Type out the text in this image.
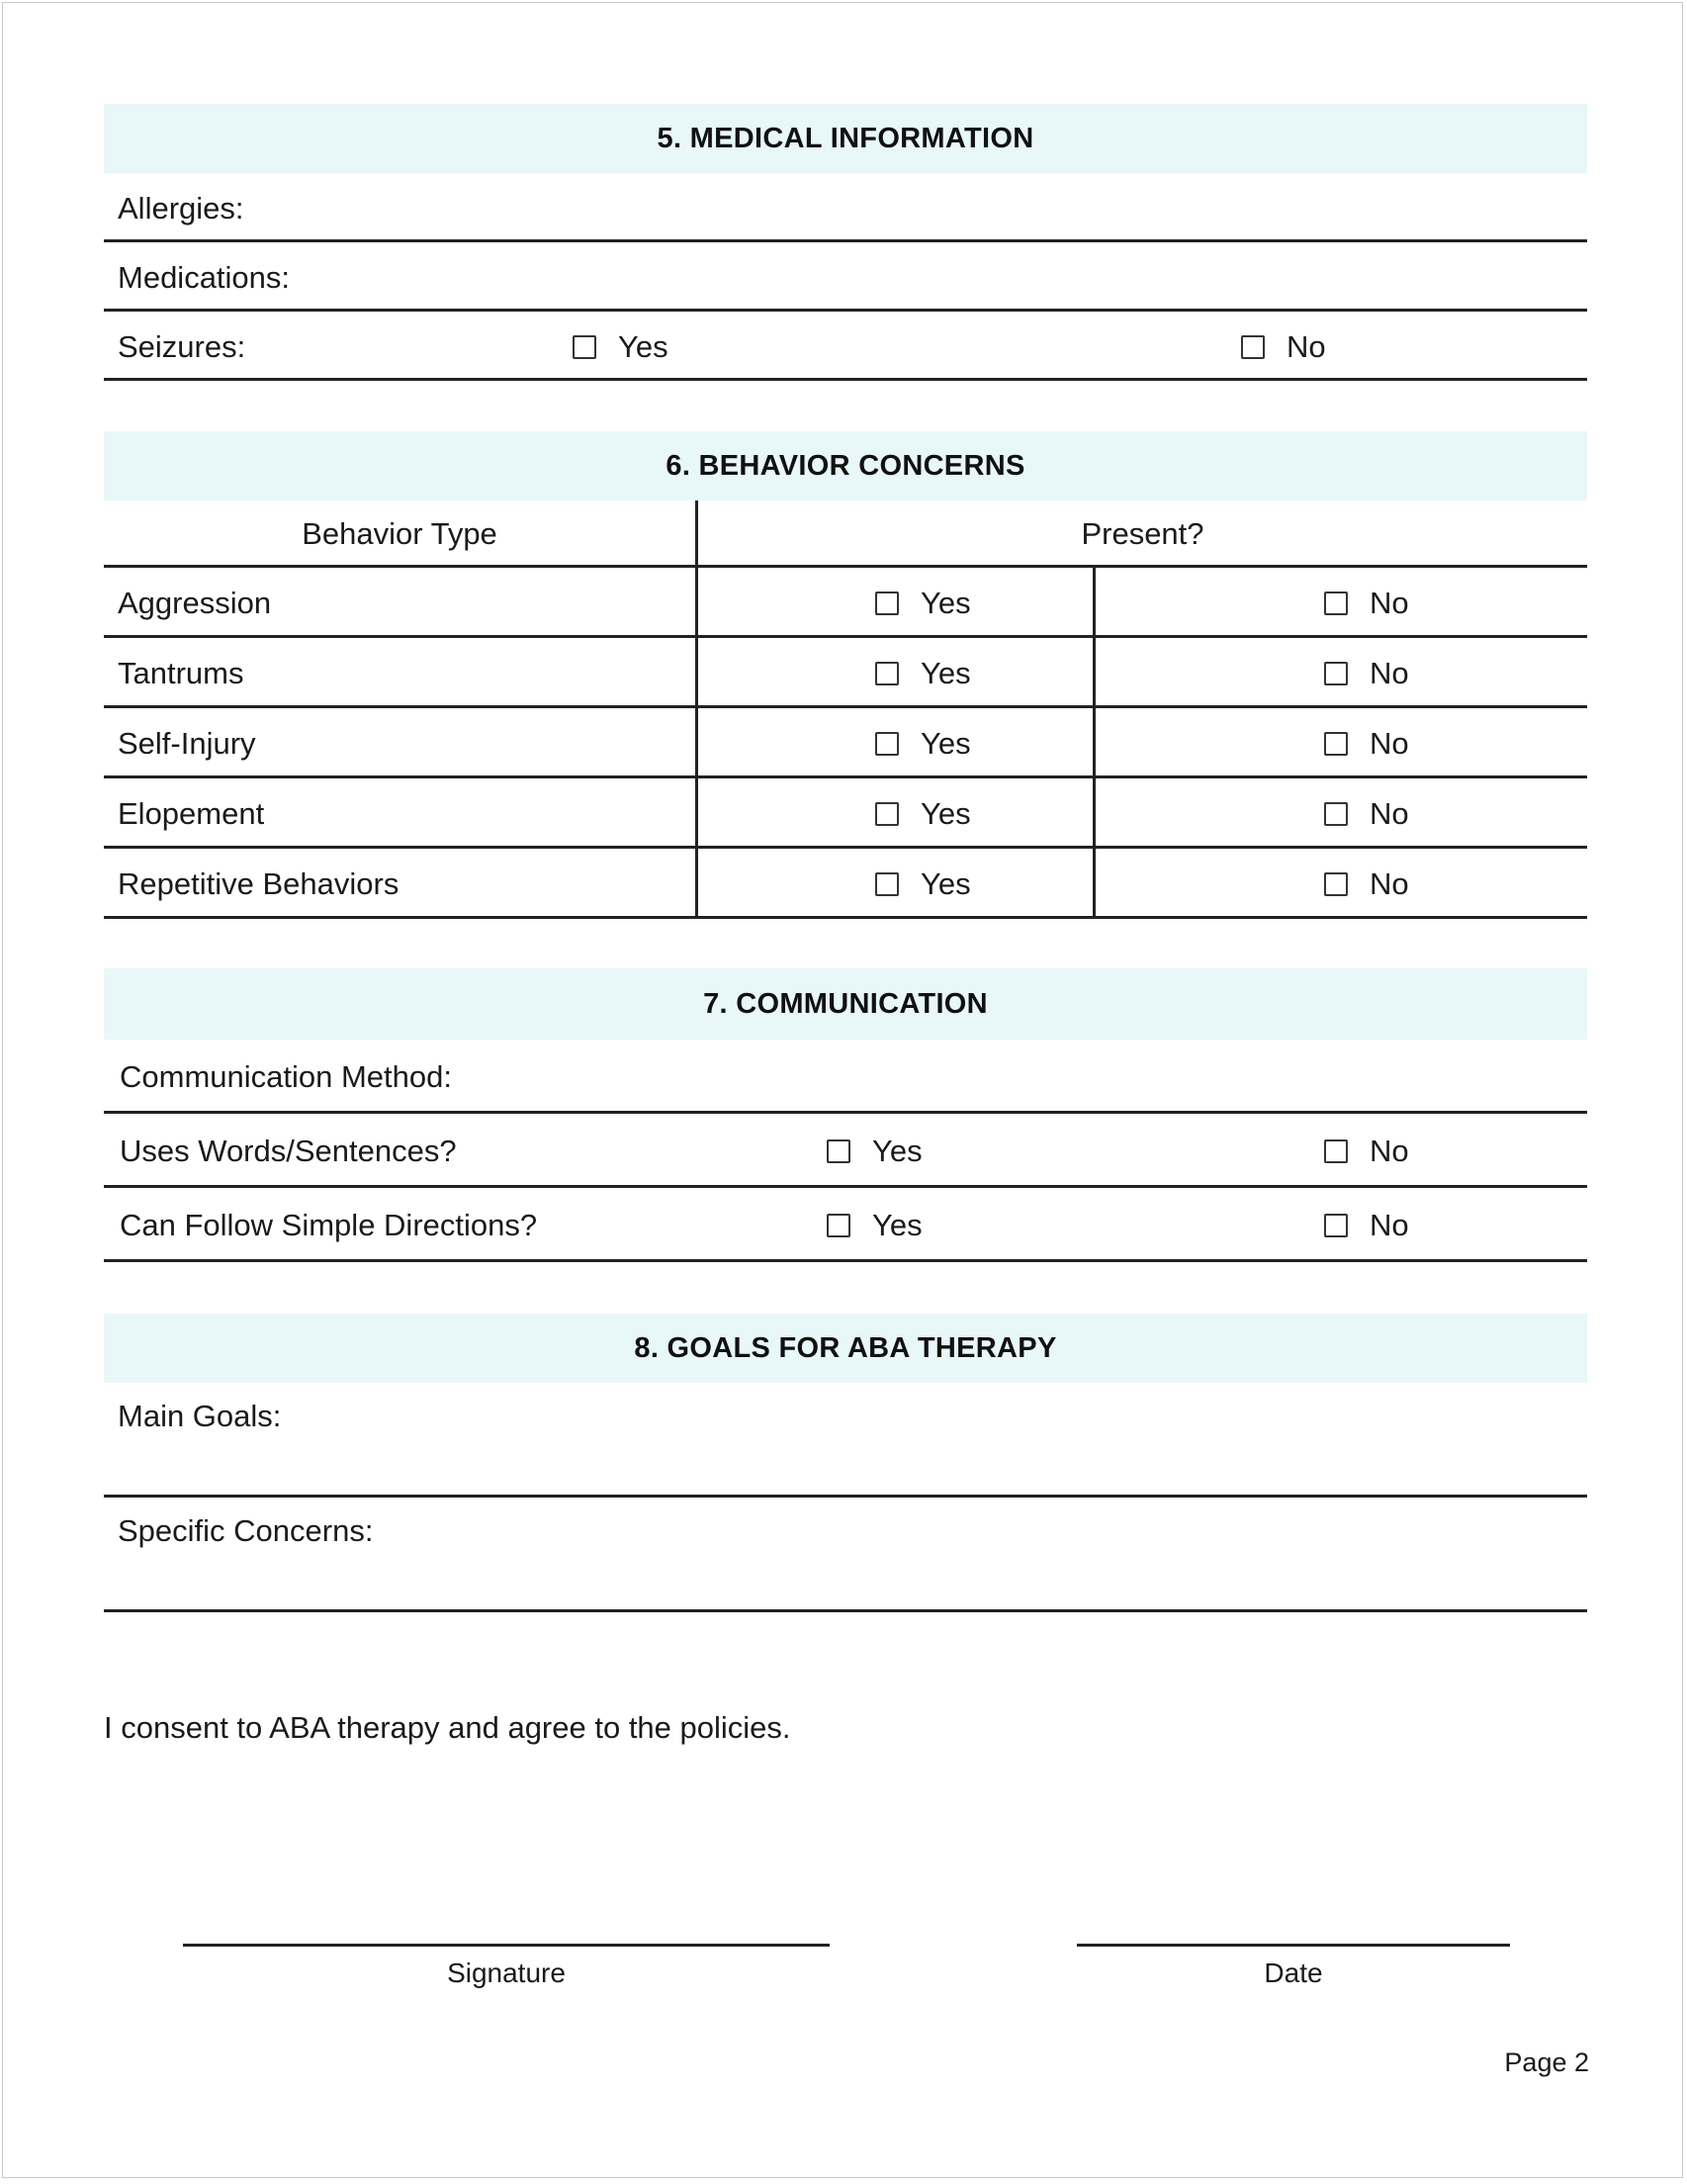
5. MEDICAL INFORMATION
Allergies:
Medications:
Seizures:	Yes	No
6. BEHAVIOR CONCERNS
Behavior Type	Present?
Aggression	Yes	No
Tantrums	Yes	No
Self-Injury	Yes	No
Elopement	Yes	No
Repetitive Behaviors	Yes	No
7. COMMUNICATION
Communication Method:
Uses Words/Sentences?	Yes	No
Can Follow Simple Directions?	Yes	No
8. GOALS FOR ABA THERAPY
Main Goals:
Specific Concerns:
I consent to ABA therapy and agree to the policies.
Signature	Date
Page 2
